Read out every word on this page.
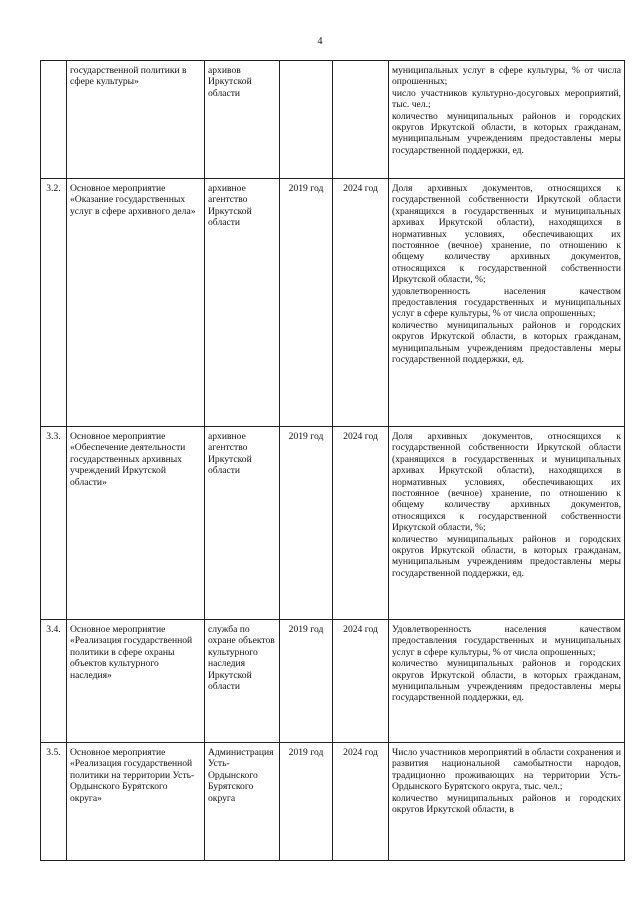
4
	государственной политики в сфере культуры»	архивов Иркутской области			муниципальных услуг в сфере культуры, % от числа опрошенных;
число участников культурно-досуговых мероприятий, тыс. чел.;
количество муниципальных районов и городских округов Иркутской области, в которых гражданам, муниципальным учреждениям предоставлены меры государственной поддержки, ед.

3.2.	Основное мероприятие «Оказание государственных услуг в сфере архивного дела»	архивное агентство Иркутской области	2019 год	2024 год	Доля архивных документов, относящихся к государственной собственности Иркутской области (хранящихся в государственных и муниципальных архивах Иркутской области), находящихся в нормативных условиях, обеспечивающих их постоянное (вечное) хранение, по отношению к общему количеству архивных документов, относящихся к государственной собственности Иркутской области, %;
удовлетворенность населения качеством предоставления государственных и муниципальных услуг в сфере культуры, % от числа опрошенных;
количество муниципальных районов и городских округов Иркутской области, в которых гражданам, муниципальным учреждениям предоставлены меры государственной поддержки, ед.

3.3.	Основное мероприятие «Обеспечение деятельности государственных архивных учреждений Иркутской области»	архивное агентство Иркутской области	2019 год	2024 год	Доля архивных документов, относящихся к государственной собственности Иркутской области (хранящихся в государственных и муниципальных архивах Иркутской области), находящихся в нормативных условиях, обеспечивающих их постоянное (вечное) хранение, по отношению к общему количеству архивных документов, относящихся к государственной собственности Иркутской области, %;
количество муниципальных районов и городских округов Иркутской области, в которых гражданам, муниципальным учреждениям предоставлены меры государственной поддержки, ед.

3.4.	Основное мероприятие «Реализация государственной политики в сфере охраны объектов культурного наследия»	служба по охране объектов культурного наследия Иркутской области	2019 год	2024 год	Удовлетворенность населения качеством предоставления государственных и муниципальных услуг в сфере культуры, % от числа опрошенных;
количество муниципальных районов и городских округов Иркутской области, в которых гражданам, муниципальным учреждениям предоставлены меры государственной поддержки, ед.

3.5.	Основное мероприятие «Реализация государственной политики на территории Усть-Ордынского Бурятского округа»	Администрация Усть-Ордынского Бурятского округа	2019 год	2024 год	Число участников мероприятий в области сохранения и развития национальной самобытности народов, традиционно проживающих на территории Усть-Ордынского Бурятского округа, тыс. чел.;
количество муниципальных районов и городских округов Иркутской области, в
